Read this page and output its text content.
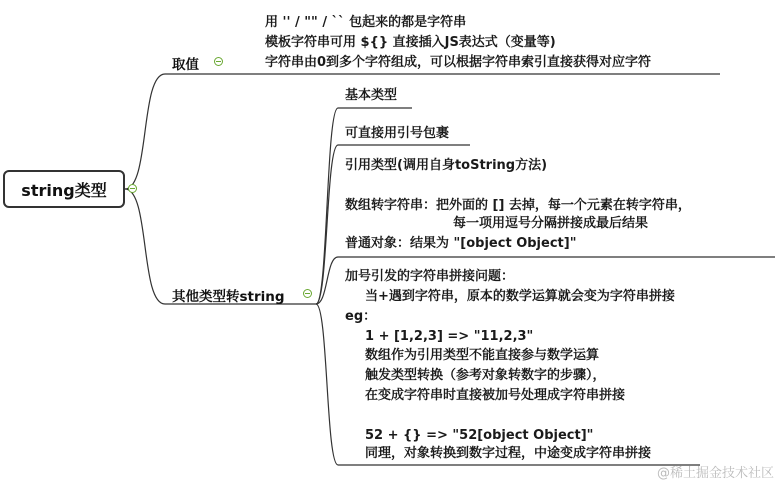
string类型
取值
用 '' / "" / `` 包起来的都是字符串
模板字符串可用 ${} 直接插入JS表达式（变量等)
字符串由0到多个字符组成，可以根据字符串索引直接获得对应字符
其他类型转string
基本类型
可直接用引号包裹
引用类型(调用自身toString方法)
数组转字符串：把外面的 [] 去掉，每一个元素在转字符串，
每一项用逗号分隔拼接成最后结果
普通对象：结果为 "[object Object]"
加号引发的字符串拼接问题：
当+遇到字符串，原本的数学运算就会变为字符串拼接
eg：
1 + [1,2,3] => "11,2,3"
数组作为引用类型不能直接参与数学运算
触发类型转换（参考对象转数字的步骤），
在变成字符串时直接被加号处理成字符串拼接
52 + {} => "52[object Object]"
同理，对象转换到数字过程，中途变成字符串拼接
@稀土掘金技术社区
